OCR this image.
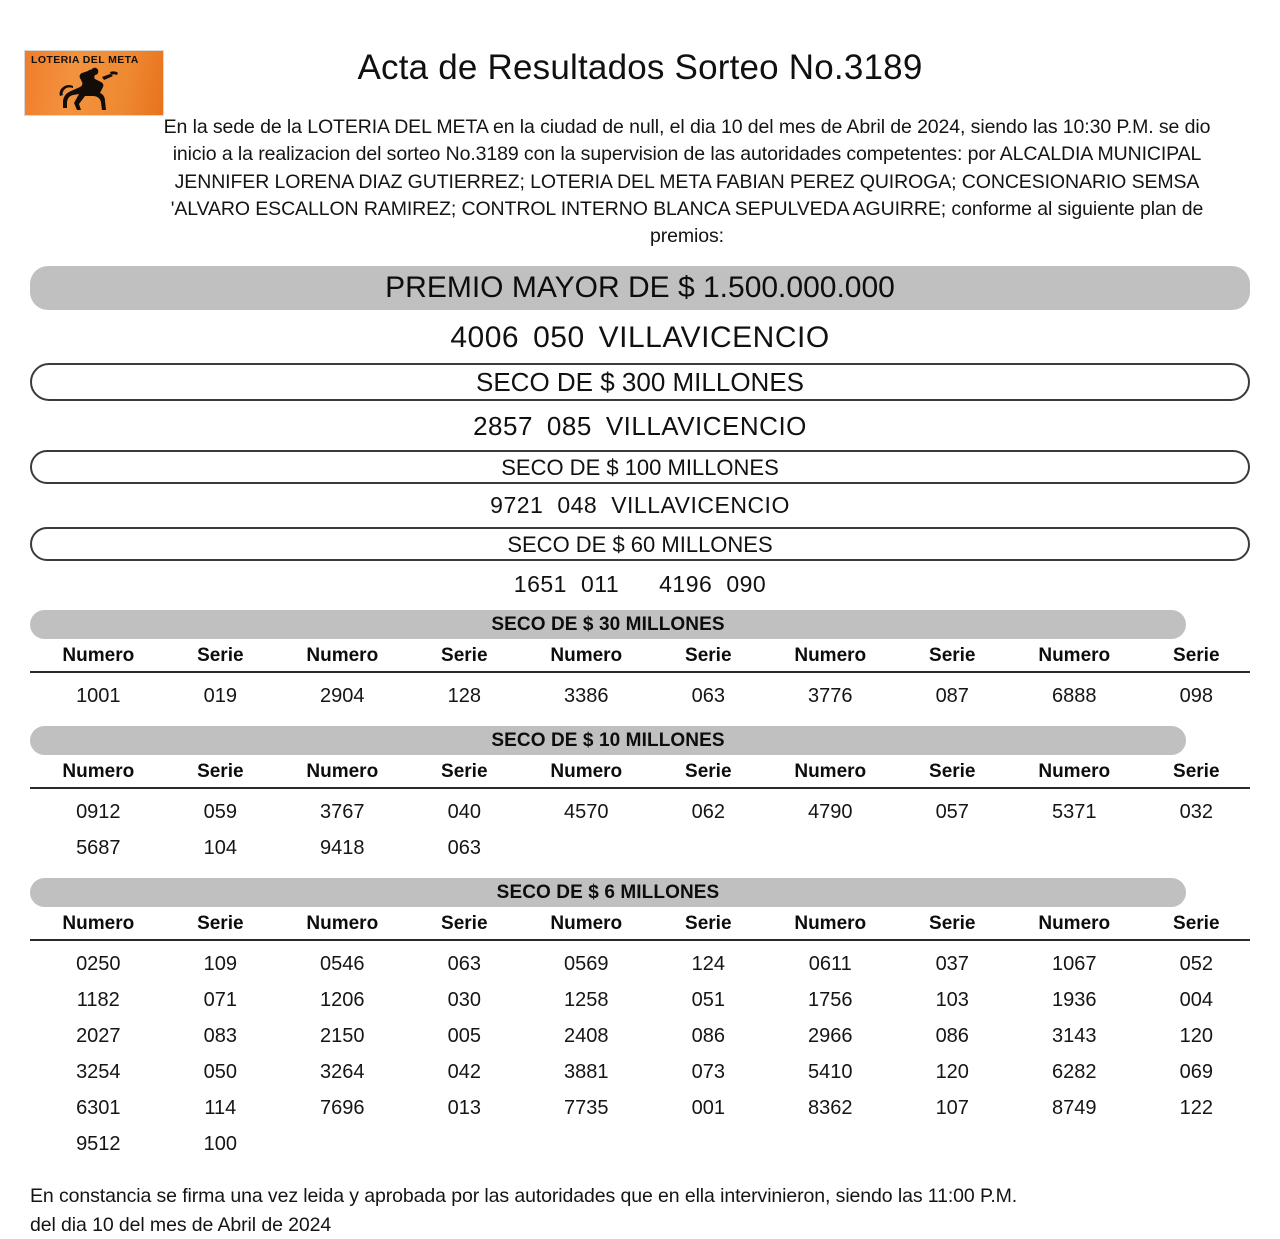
LOTERIA DEL META	Acta de Resultados Sorteo No.3189

En la sede de la LOTERIA DEL META en la ciudad de null, el dia 10 del mes de Abril de 2024, siendo las 10:30 P.M. se dio inicio a la realizacion del sorteo No.3189 con la supervision de las autoridades competentes: por ALCALDIA MUNICIPAL JENNIFER LORENA DIAZ GUTIERREZ; LOTERIA DEL META FABIAN PEREZ QUIROGA; CONCESIONARIO SEMSA 'ALVARO ESCALLON RAMIREZ; CONTROL INTERNO BLANCA SEPULVEDA AGUIRRE; conforme al siguiente plan de premios:

PREMIO MAYOR DE $ 1.500.000.000
4006 050 VILLAVICENCIO
SECO DE $ 300 MILLONES
2857 085 VILLAVICENCIO
SECO DE $ 100 MILLONES
9721 048 VILLAVICENCIO
SECO DE $ 60 MILLONES
1651 011 4196 090
SECO DE $ 30 MILLONES
Numero	Serie	Numero	Serie	Numero	Serie	Numero	Serie	Numero	Serie
1001	019	2904	128	3386	063	3776	087	6888	098
SECO DE $ 10 MILLONES
Numero	Serie	Numero	Serie	Numero	Serie	Numero	Serie	Numero	Serie
0912	059	3767	040	4570	062	4790	057	5371	032
5687	104	9418	063						
SECO DE $ 6 MILLONES
Numero	Serie	Numero	Serie	Numero	Serie	Numero	Serie	Numero	Serie
0250	109	0546	063	0569	124	0611	037	1067	052
1182	071	1206	030	1258	051	1756	103	1936	004
2027	083	2150	005	2408	086	2966	086	3143	120
3254	050	3264	042	3881	073	5410	120	6282	069
6301	114	7696	013	7735	001	8362	107	8749	122
9512	100								
En constancia se firma una vez leida y aprobada por las autoridades que en ella intervinieron, siendo las 11:00 P.M.
del dia 10 del mes de Abril de 2024
